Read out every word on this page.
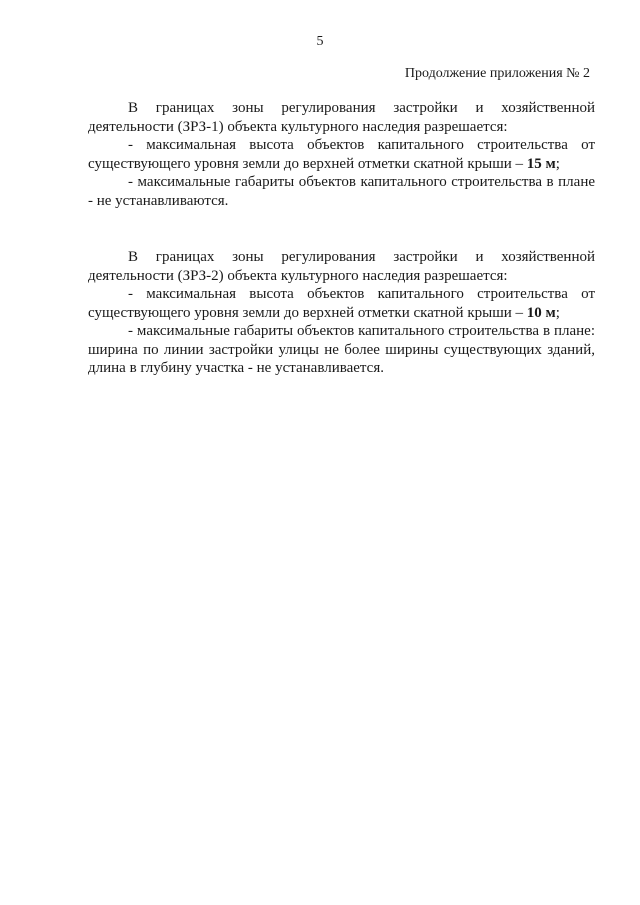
5
Продолжение приложения № 2

В границах зоны регулирования застройки и хозяйственной деятельности (ЗРЗ-1) объекта культурного наследия разрешается:

- максимальная высота объектов капитального строительства от существующего уровня земли до верхней отметки скатной крыши – 15 м;

- максимальные габариты объектов капитального строительства в плане - не устанавливаются.

В границах зоны регулирования застройки и хозяйственной деятельности (ЗРЗ-2) объекта культурного наследия разрешается:

- максимальная высота объектов капитального строительства от существующего уровня земли до верхней отметки скатной крыши – 10 м;

- максимальные габариты объектов капитального строительства в плане: ширина по линии застройки улицы не более ширины существующих зданий, длина в глубину участка - не устанавливается.
